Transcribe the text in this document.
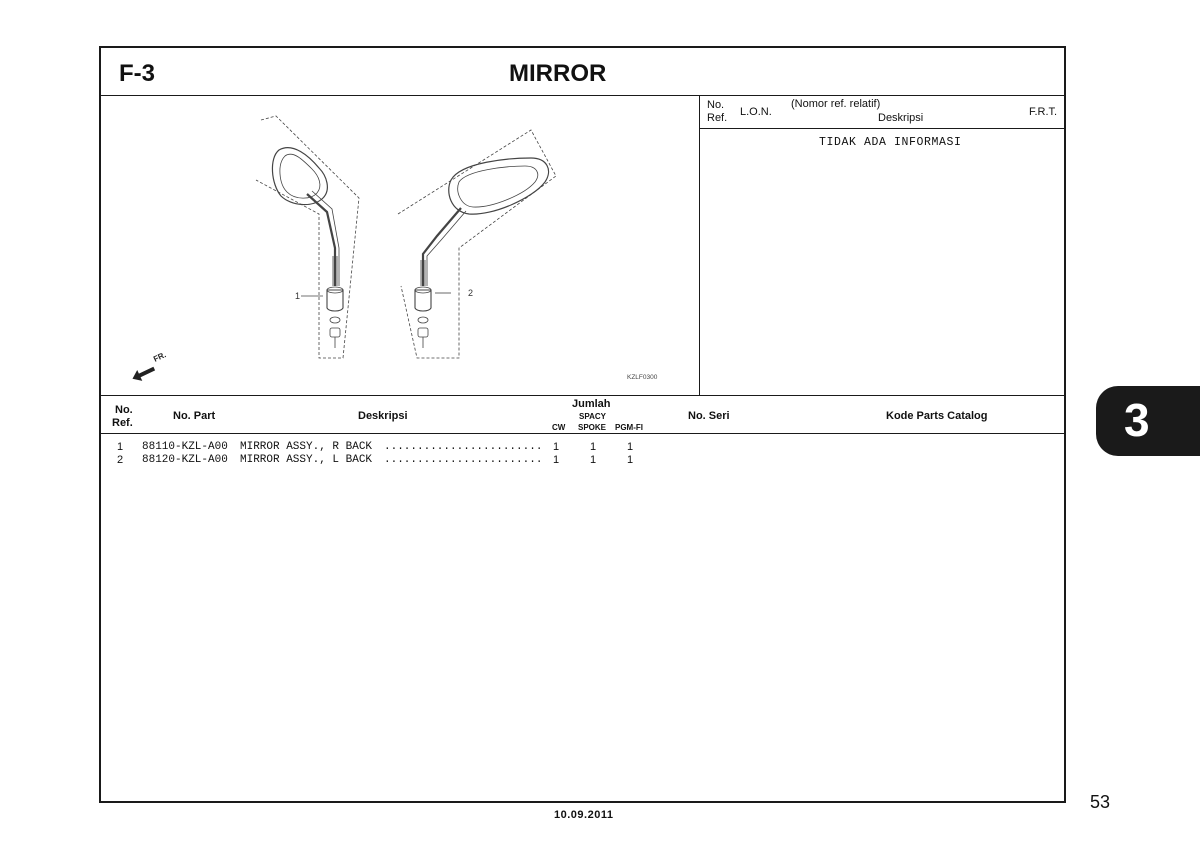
F-3	MIRROR
No.
Ref. L.O.N.
(Nomor ref. relatif)
Deskripsi	F.R.T.
TIDAK ADA INFORMASI
1	2
FR.
KZLF0300
No.
Ref.
No. Part	Deskripsi
Jumlah
SPACY
CW SPOKE PGM-FI
No. Seri	Kode Parts Catalog
1 88110-KZL-A00 MIRROR ASSY., R BACK ........................ 1	1	1
2 88120-KZL-A00 MIRROR ASSY., L BACK ........................ 1	1	1
3
53
10.09.2011
